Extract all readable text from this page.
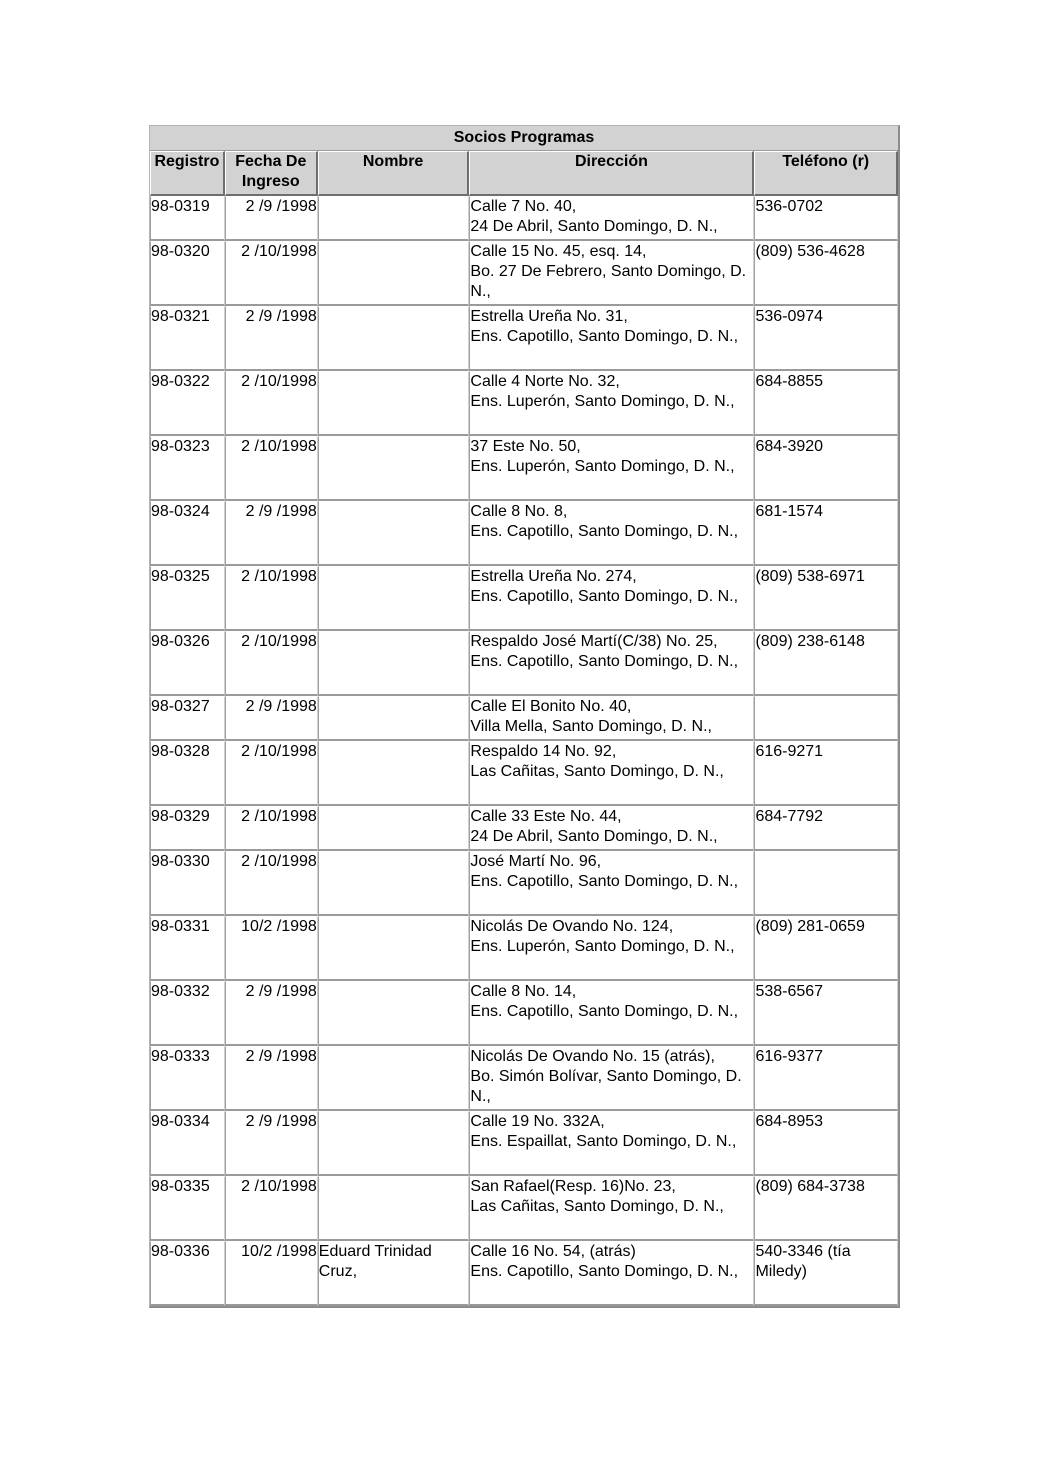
Socios Programas				
Registro	Fecha De Ingreso	Nombre	Dirección	Teléfono (r)
98-0319	2 /9 /1998		Calle 7 No. 40,
24 De Abril, Santo Domingo, D. N.,	536-0702
98-0320	2 /10/1998		Calle 15 No. 45, esq. 14,
Bo. 27 De Febrero, Santo Domingo, D. N.,	(809) 536-4628
98-0321	2 /9 /1998		Estrella Ureña No. 31,
Ens. Capotillo, Santo Domingo, D. N.,	536-0974
98-0322	2 /10/1998		Calle 4 Norte No. 32,
Ens. Luperón, Santo Domingo, D. N.,	684-8855
98-0323	2 /10/1998		37 Este No. 50,
Ens. Luperón, Santo Domingo, D. N.,	684-3920
98-0324	2 /9 /1998		Calle 8 No. 8,
Ens. Capotillo, Santo Domingo, D. N.,	681-1574
98-0325	2 /10/1998		Estrella Ureña No. 274,
Ens. Capotillo, Santo Domingo, D. N.,	(809) 538-6971
98-0326	2 /10/1998		Respaldo José Martí(C/38) No. 25,
Ens. Capotillo, Santo Domingo, D. N.,	(809) 238-6148
98-0327	2 /9 /1998		Calle El Bonito No. 40,
Villa Mella, Santo Domingo, D. N.,	

98-0328	2 /10/1998		Respaldo 14 No. 92,
Las Cañitas, Santo Domingo, D. N.,	616-9271
98-0329	2 /10/1998		Calle 33 Este No. 44,
24 De Abril, Santo Domingo, D. N.,	684-7792
98-0330	2 /10/1998		José Martí No. 96,
Ens. Capotillo, Santo Domingo, D. N.,	

98-0331	10/2 /1998		Nicolás De Ovando No. 124,
Ens. Luperón, Santo Domingo, D. N.,	(809) 281-0659
98-0332	2 /9 /1998		Calle 8 No. 14,
Ens. Capotillo, Santo Domingo, D. N.,	538-6567
98-0333	2 /9 /1998		Nicolás De Ovando No. 15 (atrás),
Bo. Simón Bolívar, Santo Domingo, D. N.,	616-9377
98-0334	2 /9 /1998		Calle 19 No. 332A,
Ens. Espaillat, Santo Domingo, D. N.,	684-8953
98-0335	2 /10/1998		San Rafael(Resp. 16)No. 23,
Las Cañitas, Santo Domingo, D. N.,	(809) 684-3738
98-0336	10/2 /1998	Eduard Trinidad Cruz,	Calle 16 No. 54, (atrás)
Ens. Capotillo, Santo Domingo, D. N.,	540-3346 (tía Miledy)
